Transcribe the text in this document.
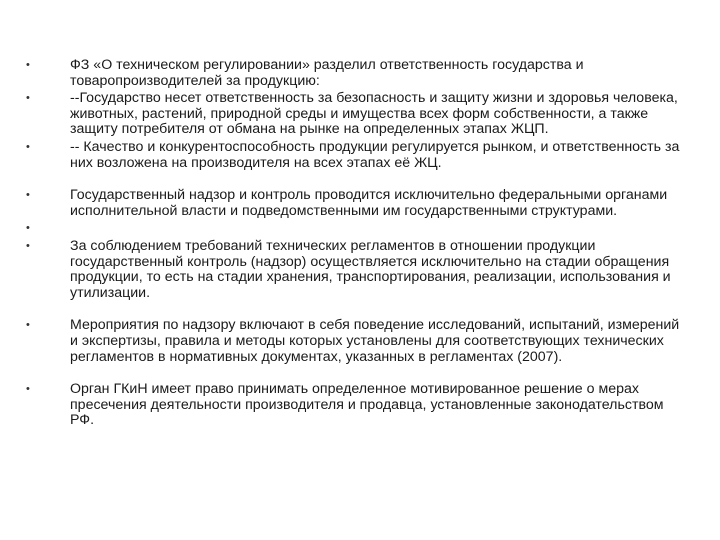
•	ФЗ «О техническом регулировании» разделил ответственность государства и товаропроизводителей за продукцию:
•	--Государство несет ответственность за безопасность и защиту жизни и здоровья человека, животных, растений, природной среды и имущества всех форм собственности, а также защиту потребителя от обмана на рынке на определенных этапах ЖЦП.
•	-- Качество и конкурентоспособность продукции регулируется рынком, и ответственность за них возложена на производителя на всех этапах её ЖЦ.
•	Государственный надзор и контроль проводится исключительно федеральными органами исполнительной власти и подведомственными им государственными структурами.
•
•	За соблюдением требований технических регламентов в отношении продукции государственный контроль (надзор) осуществляется исключительно на стадии обращения продукции, то есть на стадии хранения, транспортирования, реализации, использования и утилизации.
•	Мероприятия по надзору включают в себя поведение исследований, испытаний, измерений и экспертизы, правила и методы которых установлены для соответствующих технических регламентов в нормативных документах, указанных в регламентах (2007).
•	Орган ГКиН имеет право принимать определенное мотивированное решение о мерах пресечения деятельности производителя и продавца, установленные законодательством РФ.
